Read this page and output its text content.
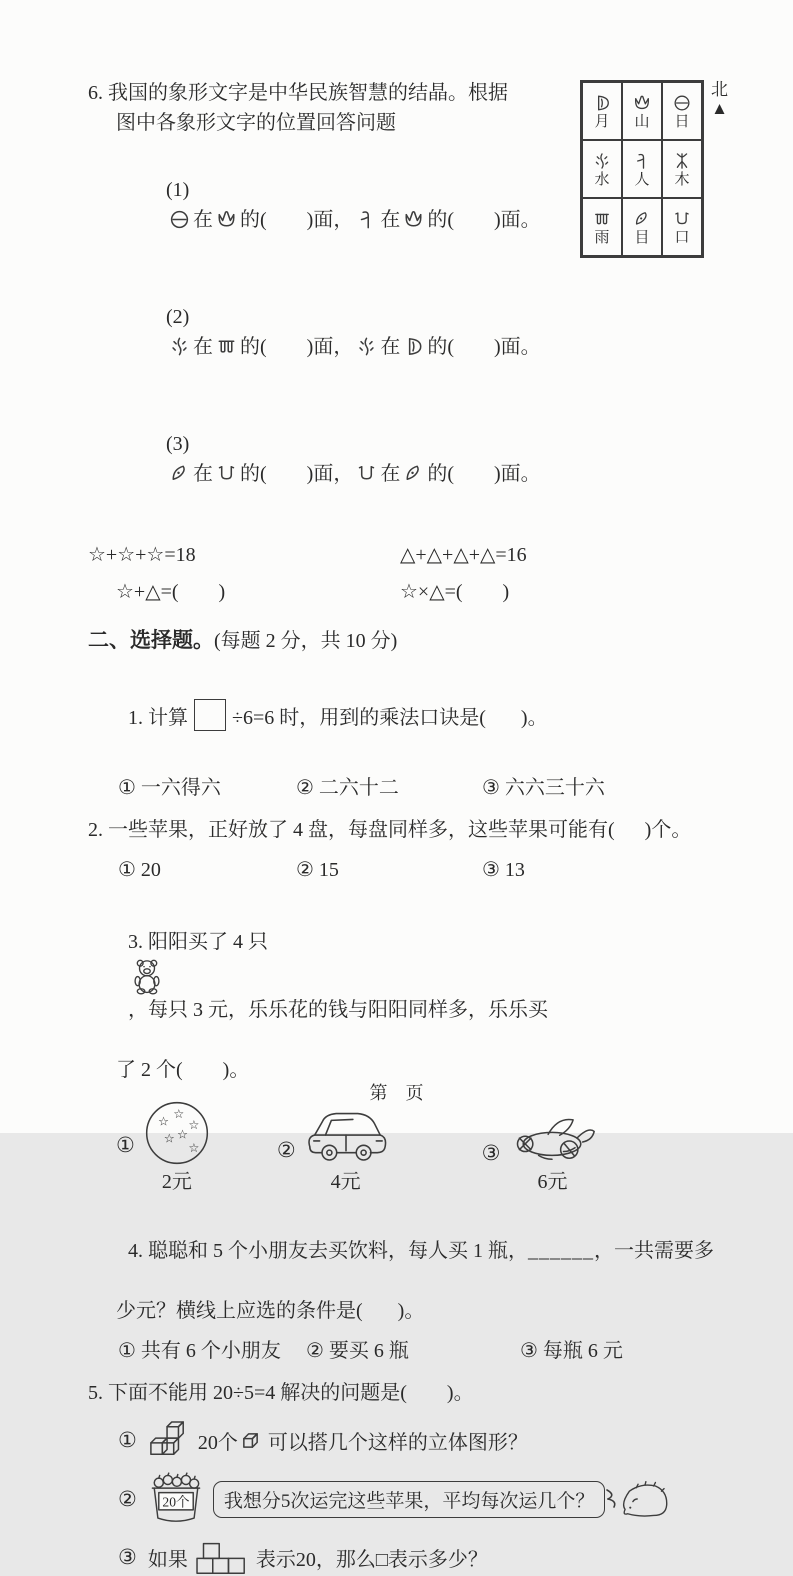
6. 我国的象形文字是中华民族智慧的结晶。根据
图中各象形文字的位置回答问题

(1)
在 的(        )面， 在 的(        )面。

(2)
在 的(        )面， 在 的(        )面。

(3)
在 的(        )面， 在 的(        )面。

月 山 日
水 人 木
雨 目 口
北
▲
☆+☆+☆=18	△+△+△+△=16
☆+△=(        )	☆×△=(        )
二、选择题。(每题 2 分，共 10 分)

1. 计算 ÷6=6 时，用到的乘法口诀是(       )。

① 一六得六	② 二六十二	③ 六六三十六
2. 一些苹果，正好放了 4 盘，每盘同样多，这些苹果可能有(      )个。
① 20	② 15	③ 13

3. 阳阳买了 4 只

，每只 3 元，乐乐花的钱与阳阳同样多，乐乐买

了 2 个(        )。
①
☆
☆
☆
☆ ☆
☆
2元
②
4元
③
6元

4. 聪聪和 5 个小朋友去买饮料，每人买 1 瓶，______，一共需要多

少元？横线上应选的条件是(       )。
① 共有 6 个小朋友	② 要买 6 瓶	③ 每瓶 6 元
5. 下面不能用 20÷5=4 解决的问题是(        )。
①	20个 可以搭几个这样的立体图形？
② 20个	我想分5次运完这些苹果，平均每次运几个？
③ 如果	表示20，那么□表示多少？
第    页
